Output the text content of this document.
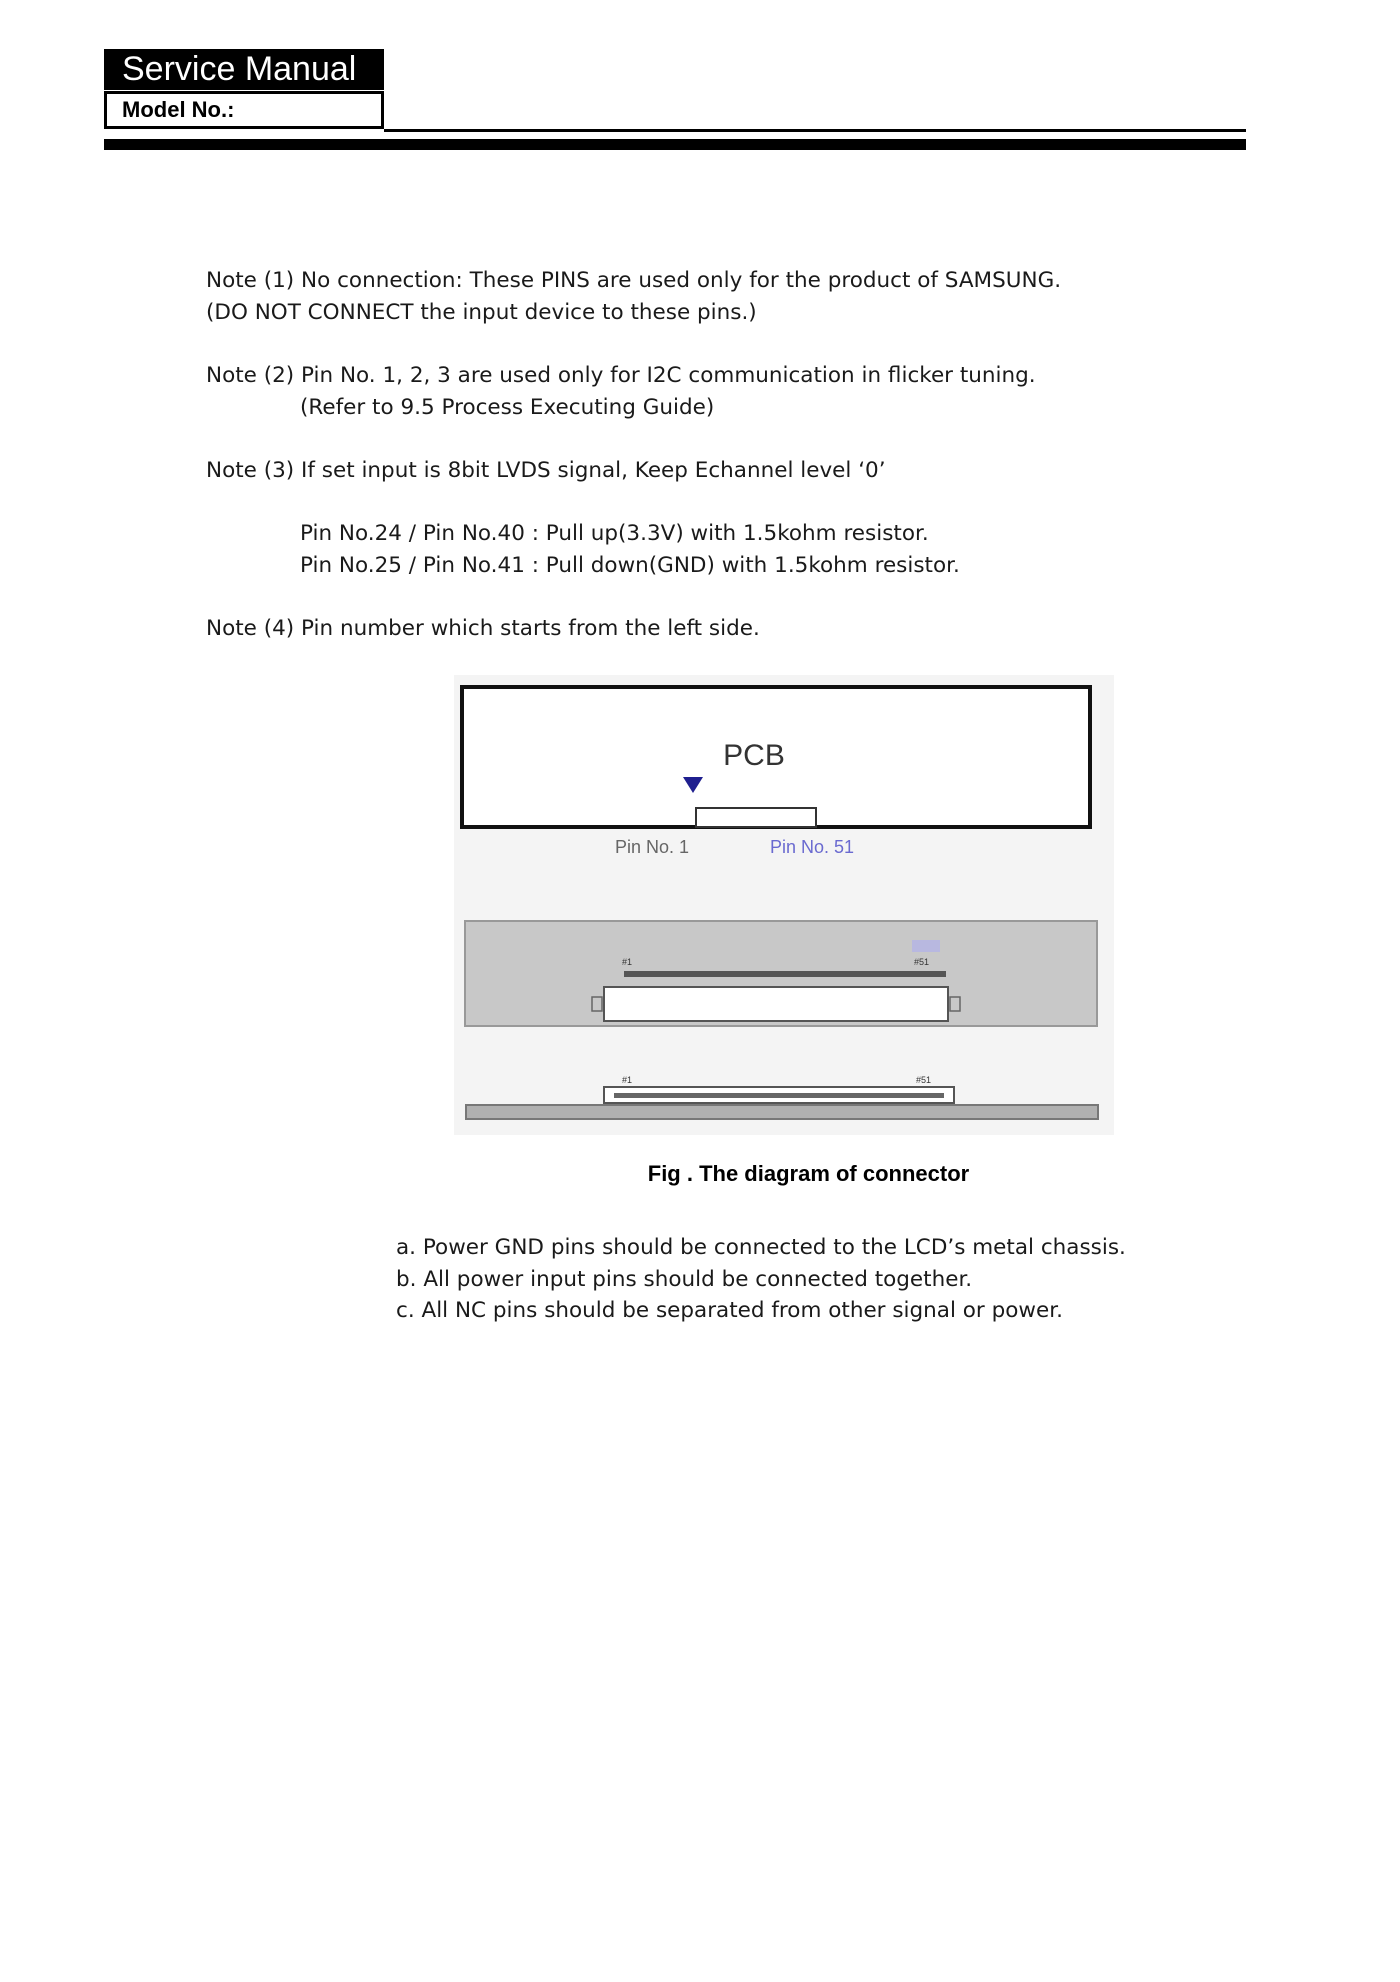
Service Manual
Model No.:
Note (1) No connection: These PINS are used only for the product of SAMSUNG.
(DO NOT CONNECT the input device to these pins.)
Note (2) Pin No. 1, 2, 3 are used only for I2C communication in flicker tuning.
(Refer to 9.5 Process Executing Guide)
Note (3) If set input is 8bit LVDS signal, Keep Echannel level ‘0’
Pin No.24 / Pin No.40 : Pull up(3.3V) with 1.5kohm resistor.
Pin No.25 / Pin No.41 : Pull down(GND) with 1.5kohm resistor.
Note (4) Pin number which starts from the left side.
PCB
Pin No. 1	Pin No. 51
#1	#51
#1	#51
Fig . The diagram of connector
a. Power GND pins should be connected to the LCD’s metal chassis.
b. All power input pins should be connected together.
c. All NC pins should be separated from other signal or power.
